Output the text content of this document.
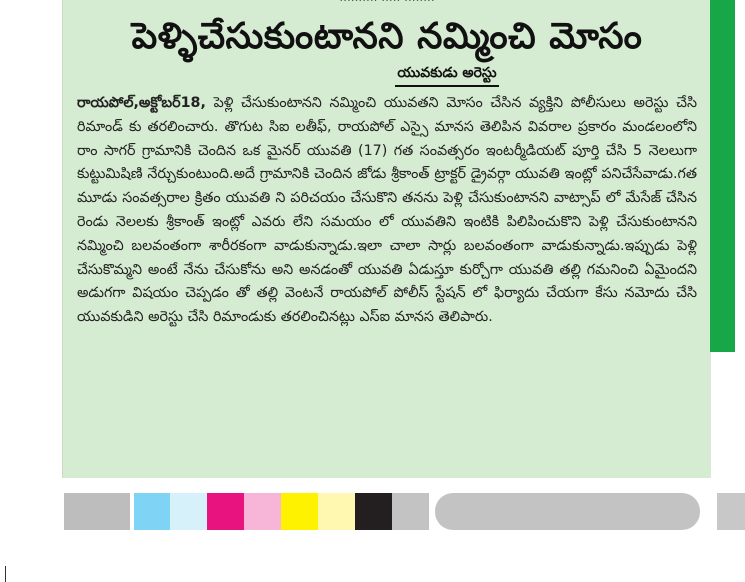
పెళ్ళిచేసుకుంటానని నమ్మించి మోసం
యువకుడు అరెస్టు
రాయపోల్,అక్టోబర్18, పెళ్లి చేసుకుంటానని నమ్మించి యువతని మోసం చేసిన వ్యక్తిని పోలీసులు అరెస్టు చేసి రిమాండ్ కు తరలించారు. తొగుట సిఐ లతీఫ్, రాయపోల్ ఎస్సై మానస తెలిపిన వివరాల ప్రకారం మండలంలోని రాం సాగర్ గ్రామానికి చెందిన ఒక మైనర్ యువతి (17) గత సంవత్సరం ఇంటర్మీడియట్ పూర్తి చేసి 5 నెలలుగా కుట్టుమిషిణి నేర్చుకుంటుంది.అదే గ్రామానికి చెందిన జోడు శ్రీకాంత్ ట్రాక్టర్ డ్రైవర్గా యువతి ఇంట్లో పనిచేసేవాడు.గత మూడు సంవత్సరాల క్రితం యువతి ని పరిచయం చేసుకొని తనను పెళ్లి చేసుకుంటానని వాట్సాప్ లో మేసేజ్ చేసిన రెండు నెలలకు శ్రీకాంత్ ఇంట్లో ఎవరు లేని సమయం లో యువతిని ఇంటికి పిలిపించుకొని పెళ్లి చేసుకుంటానని నమ్మించి బలవంతంగా శారీరకంగా వాడుకున్నాడు.ఇలా చాలా సార్లు బలవంతంగా వాడుకున్నాడు.ఇప్పుడు పెళ్లి చేసుకొమ్మని అంటే నేను చేసుకోను అని అనడంతో యువతి ఏడుస్తూ కుర్చోగా యువతి తల్లి గమనించి ఏమైందని అడుగగా విషయం చెప్పడం తో తల్లి వెంటనే రాయపోల్ పోలీస్ స్టేషన్ లో ఫిర్యాదు చేయగా కేసు నమోదు చేసి యువకుడిని అరెస్టు చేసి రిమాండుకు తరలించినట్లు ఎస్ఐ మానస తెలిపారు.
